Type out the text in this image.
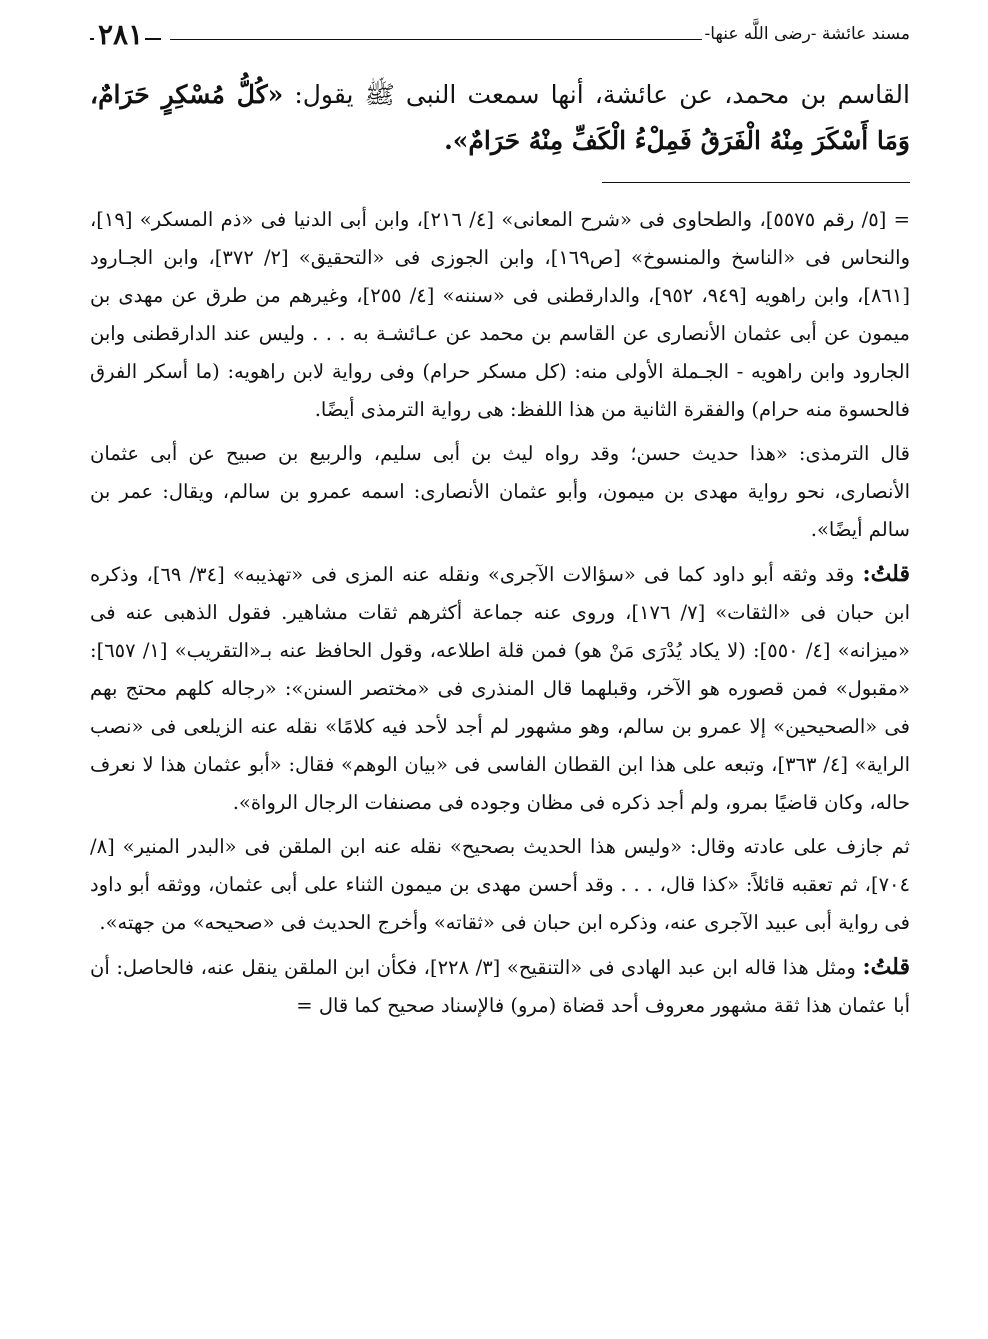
مسند عائشة -رضى اللَّه عنها-
٢٨١
القاسم بن محمد، عن عائشة، أنها سمعت النبى ﷺ يقول: «كُلُّ مُسْكِرٍ حَرَامٌ، وَمَا أَسْكَرَ مِنْهُ الْفَرَقُ فَمِلْءُ الْكَفِّ مِنْهُ حَرَامٌ».

= [٥/ رقم ٥٥٧٥]، والطحاوى فى «شرح المعانى» [٤/ ٢١٦]، وابن أبى الدنيا فى «ذم المسكر» [١٩]، والنحاس فى «الناسخ والمنسوخ» [ص١٦٩]، وابن الجوزى فى «التحقيق» [٢/ ٣٧٢]، وابن الجـارود [٨٦١]، وابن راهويه [٩٤٩، ٩٥٢]، والدارقطنى فى «سننه» [٤/ ٢٥٥]، وغيرهم من طرق عن مهدى بن ميمون عن أبى عثمان الأنصارى عن القاسم بن محمد عن عـائشـة به . . . وليس عند الدارقطنى وابن الجارود وابن راهويه - الجـملة الأولى منه: (كل مسكر حرام) وفى رواية لابن راهويه: (ما أسكر الفرق فالحسوة منه حرام) والفقرة الثانية من هذا اللفظ: هى رواية الترمذى أيضًا.

قال الترمذى: «هذا حديث حسن؛ وقد رواه ليث بن أبى سليم، والربيع بن صبيح عن أبى عثمان الأنصارى، نحو رواية مهدى بن ميمون، وأبو عثمان الأنصارى: اسمه عمرو بن سالم، ويقال: عمر بن سالم أيضًا».

قلتُ: وقد وثقه أبو داود كما فى «سؤالات الآجرى» ونقله عنه المزى فى «تهذيبه» [٣٤/ ٦٩]، وذكره ابن حبان فى «الثقات» [٧/ ١٧٦]، وروى عنه جماعة أكثرهم ثقات مشاهير. فقول الذهبى عنه فى «ميزانه» [٤/ ٥٥٠]: (لا يكاد يُدْرَى مَنْ هو) فمن قلة اطلاعه، وقول الحافظ عنه بـ«التقريب» [١/ ٦٥٧]: «مقبول» فمن قصوره هو الآخر، وقبلهما قال المنذرى فى «مختصر السنن»: «رجاله كلهم محتج بهم فى «الصحيحين» إلا عمرو بن سالم، وهو مشهور لم أجد لأحد فيه كلامًا» نقله عنه الزيلعى فى «نصب الراية» [٤/ ٣٦٣]، وتبعه على هذا ابن القطان الفاسى فى «بيان الوهم» فقال: «أبو عثمان هذا لا نعرف حاله، وكان قاضيًا بمرو، ولم أجد ذكره فى مظان وجوده فى مصنفات الرجال الرواة».

ثم جازف على عادته وقال: «وليس هذا الحديث بصحيح» نقله عنه ابن الملقن فى «البدر المنير» [٨/ ٧٠٤]، ثم تعقبه قائلاً: «كذا قال، . . . وقد أحسن مهدى بن ميمون الثناء على أبى عثمان، ووثقه أبو داود فى رواية أبى عبيد الآجرى عنه، وذكره ابن حبان فى «ثقاته» وأخرج الحديث فى «صحيحه» من جهته».

قلتُ: ومثل هذا قاله ابن عبد الهادى فى «التنقيح» [٣/ ٢٢٨]، فكأن ابن الملقن ينقل عنه، فالحاصل: أن أبا عثمان هذا ثقة مشهور معروف أحد قضاة (مرو) فالإسناد صحيح كما قال =
